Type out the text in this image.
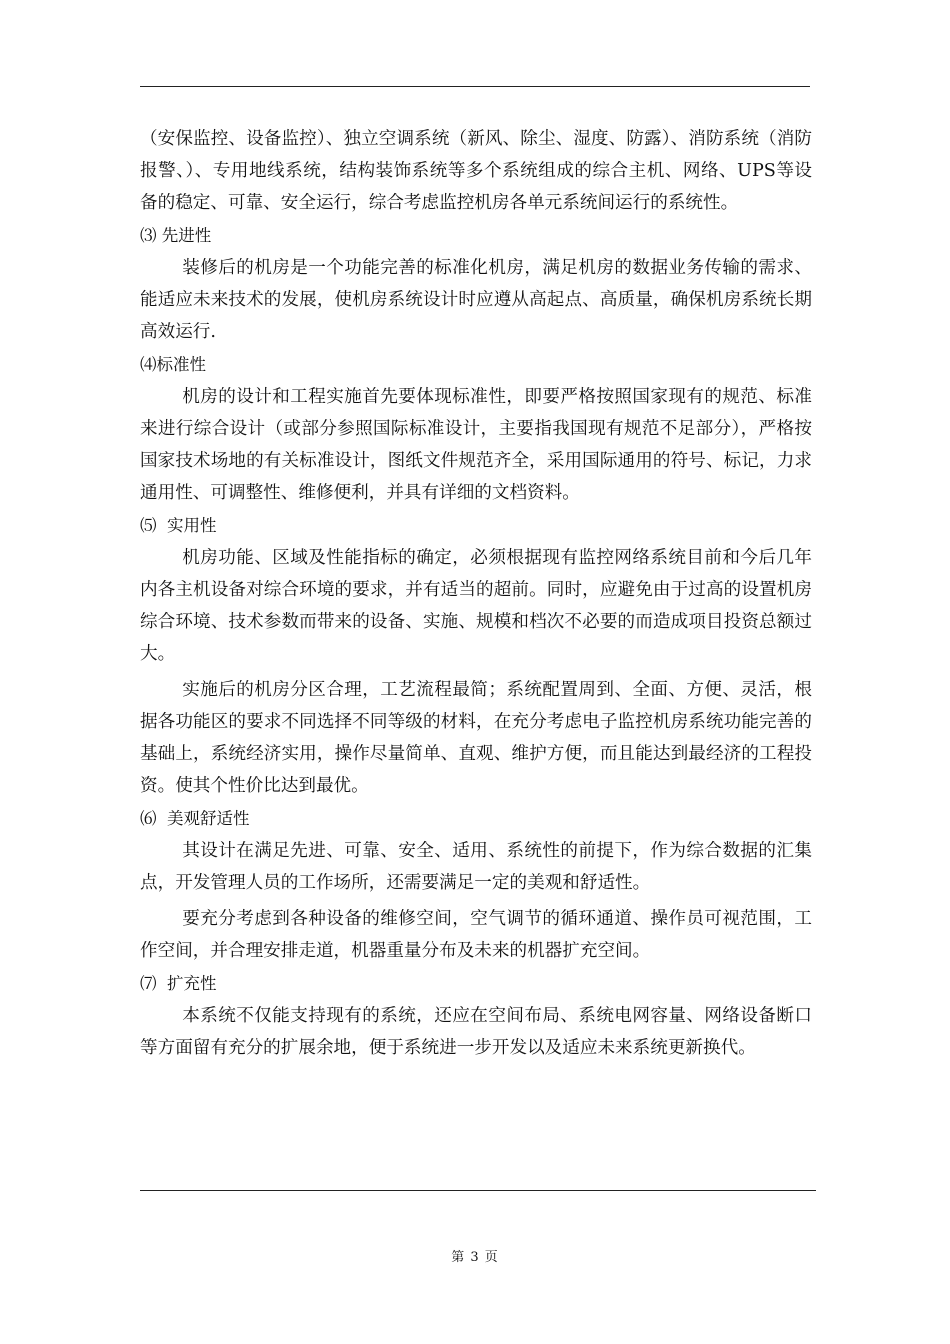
（安保监控、设备监控）、独立空调系统（新风、除尘、湿度、防露）、消防系统（消防报警、）、专用地线系统，结构装饰系统等多个系统组成的综合主机、网络、UPS等设备的稳定、可靠、安全运行，综合考虑监控机房各单元系统间运行的系统性。

⑶ 先进性

装修后的机房是一个功能完善的标准化机房，满足机房的数据业务传输的需求、能适应未来技术的发展，使机房系统设计时应遵从高起点、高质量，确保机房系统长期高效运行.

⑷标准性

机房的设计和工程实施首先要体现标准性，即要严格按照国家现有的规范、标准来进行综合设计（或部分参照国际标准设计，主要指我国现有规范不足部分），严格按国家技术场地的有关标准设计，图纸文件规范齐全，采用国际通用的符号、标记，力求通用性、可调整性、维修便利，并具有详细的文档资料。

⑸  实用性

机房功能、区域及性能指标的确定，必须根据现有监控网络系统目前和今后几年内各主机设备对综合环境的要求，并有适当的超前。同时，应避免由于过高的设置机房综合环境、技术参数而带来的设备、实施、规模和档次不必要的而造成项目投资总额过大。

实施后的机房分区合理，工艺流程最简；系统配置周到、全面、方便、灵活，根据各功能区的要求不同选择不同等级的材料，在充分考虑电子监控机房系统功能完善的基础上，系统经济实用，操作尽量简单、直观、维护方便，而且能达到最经济的工程投资。使其个性价比达到最优。

⑹  美观舒适性

其设计在满足先进、可靠、安全、适用、系统性的前提下，作为综合数据的汇集点，开发管理人员的工作场所，还需要满足一定的美观和舒适性。

要充分考虑到各种设备的维修空间，空气调节的循环通道、操作员可视范围，工作空间，并合理安排走道，机器重量分布及未来的机器扩充空间。

⑺  扩充性

本系统不仅能支持现有的系统，还应在空间布局、系统电网容量、网络设备断口等方面留有充分的扩展余地，便于系统进一步开发以及适应未来系统更新换代。

第 3 页
